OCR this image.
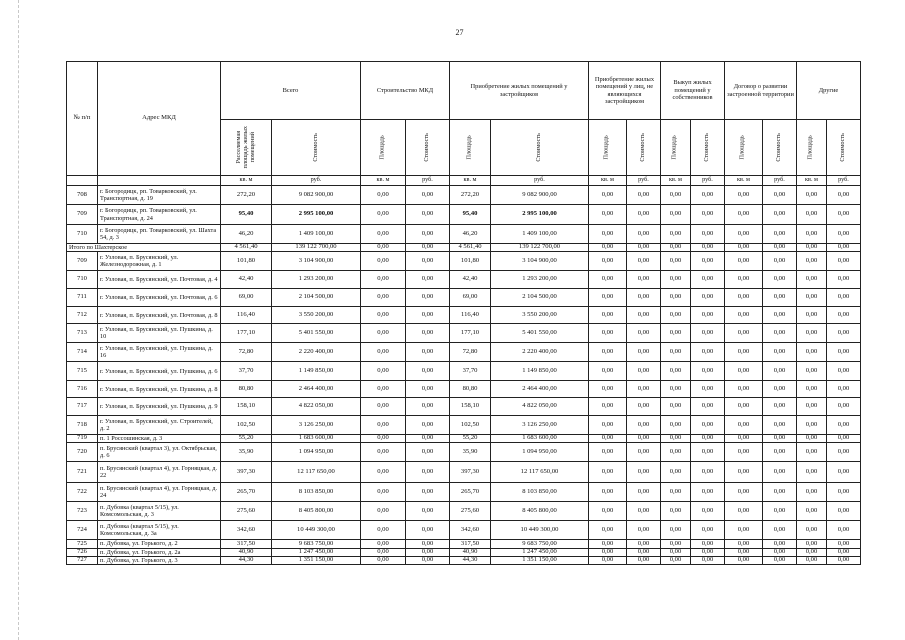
27
№ п/п	Адрес МКД	Всего		Строительство МКД		Приобретение жилых помещений у застройщиков		Приобретение жилых помещений у лиц, не являющихся застройщиком		Выкуп жилых помещений у собственников		Договор о развитии застроенной территории		Другие	
		Расселяемая площадь жилых помещений	Стоимость	Площадь	Стоимость	Площадь	Стоимость	Площадь	Стоимость	Площадь	Стоимость	Площадь	Стоимость	Площадь	Стоимость
		кв. м	руб.	кв. м	руб.	кв. м	руб.	кв. м	руб.	кв. м	руб.	кв. м	руб.	кв. м	руб.
708	г. Богородицк, рп. Товарковский, ул. Транспортная, д. 19	272,20	9 082 900,00	0,00	0,00	272,20	9 082 900,00	0,00	0,00	0,00	0,00	0,00	0,00	0,00	0,00
709	г. Богородицк, рп. Товарковский, ул. Транспортная, д. 24	95,40	2 995 100,00	0,00	0,00	95,40	2 995 100,00	0,00	0,00	0,00	0,00	0,00	0,00	0,00	0,00
710	г. Богородицк, рп. Товарковский, ул. Шахта 54, д. 3	46,20	1 409 100,00	0,00	0,00	46,20	1 409 100,00	0,00	0,00	0,00	0,00	0,00	0,00	0,00	0,00
Итого по Шахтерское		4 561,40	139 122 700,00	0,00	0,00	4 561,40	139 122 700,00	0,00	0,00	0,00	0,00	0,00	0,00	0,00	0,00
709	г. Узловая, п. Брусянский, ул. Железнодорожная, д. 1	101,80	3 104 900,00	0,00	0,00	101,80	3 104 900,00	0,00	0,00	0,00	0,00	0,00	0,00	0,00	0,00
710	г. Узловая, п. Брусянский, ул. Почтовая, д. 4	42,40	1 293 200,00	0,00	0,00	42,40	1 293 200,00	0,00	0,00	0,00	0,00	0,00	0,00	0,00	0,00
711	г. Узловая, п. Брусянский, ул. Почтовая, д. 6	69,00	2 104 500,00	0,00	0,00	69,00	2 104 500,00	0,00	0,00	0,00	0,00	0,00	0,00	0,00	0,00
712	г. Узловая, п. Брусянский, ул. Почтовая, д. 8	116,40	3 550 200,00	0,00	0,00	116,40	3 550 200,00	0,00	0,00	0,00	0,00	0,00	0,00	0,00	0,00
713	г. Узловая, п. Брусянский, ул. Пушкина, д. 10	177,10	5 401 550,00	0,00	0,00	177,10	5 401 550,00	0,00	0,00	0,00	0,00	0,00	0,00	0,00	0,00
714	г. Узловая, п. Брусянский, ул. Пушкина, д. 16	72,80	2 220 400,00	0,00	0,00	72,80	2 220 400,00	0,00	0,00	0,00	0,00	0,00	0,00	0,00	0,00
715	г. Узловая, п. Брусянский, ул. Пушкина, д. 6	37,70	1 149 850,00	0,00	0,00	37,70	1 149 850,00	0,00	0,00	0,00	0,00	0,00	0,00	0,00	0,00
716	г. Узловая, п. Брусянский, ул. Пушкина, д. 8	80,80	2 464 400,00	0,00	0,00	80,80	2 464 400,00	0,00	0,00	0,00	0,00	0,00	0,00	0,00	0,00
717	г. Узловая, п. Брусянский, ул. Пушкина, д. 9	158,10	4 822 050,00	0,00	0,00	158,10	4 822 050,00	0,00	0,00	0,00	0,00	0,00	0,00	0,00	0,00
718	г. Узловая, п. Брусянский, ул. Строителей, д. 2	102,50	3 126 250,00	0,00	0,00	102,50	3 126 250,00	0,00	0,00	0,00	0,00	0,00	0,00	0,00	0,00
719	п. 1 Россошинская, д. 3	55,20	1 683 600,00	0,00	0,00	55,20	1 683 600,00	0,00	0,00	0,00	0,00	0,00	0,00	0,00	0,00
720	п. Брусянский (квартал 3), ул. Октябрьская, д. 6	35,90	1 094 950,00	0,00	0,00	35,90	1 094 950,00	0,00	0,00	0,00	0,00	0,00	0,00	0,00	0,00
721	п. Брусянский (квартал 4), ул. Горняцкая, д. 22	397,30	12 117 650,00	0,00	0,00	397,30	12 117 650,00	0,00	0,00	0,00	0,00	0,00	0,00	0,00	0,00
722	п. Брусянский (квартал 4), ул. Горняцкая, д. 24	265,70	8 103 850,00	0,00	0,00	265,70	8 103 850,00	0,00	0,00	0,00	0,00	0,00	0,00	0,00	0,00
723	п. Дубовка (квартал 5/15), ул. Комсомольская, д. 3	275,60	8 405 800,00	0,00	0,00	275,60	8 405 800,00	0,00	0,00	0,00	0,00	0,00	0,00	0,00	0,00
724	п. Дубовка (квартал 5/15), ул. Комсомольская, д. 3а	342,60	10 449 300,00	0,00	0,00	342,60	10 449 300,00	0,00	0,00	0,00	0,00	0,00	0,00	0,00	0,00
725	п. Дубовка, ул. Горького, д. 2	317,50	9 683 750,00	0,00	0,00	317,50	9 683 750,00	0,00	0,00	0,00	0,00	0,00	0,00	0,00	0,00
726	п. Дубовка, ул. Горького, д. 2а	40,90	1 247 450,00	0,00	0,00	40,90	1 247 450,00	0,00	0,00	0,00	0,00	0,00	0,00	0,00	0,00
727	п. Дубовка, ул. Горького, д. 3	44,30	1 351 150,00	0,00	0,00	44,30	1 351 150,00	0,00	0,00	0,00	0,00	0,00	0,00	0,00	0,00
